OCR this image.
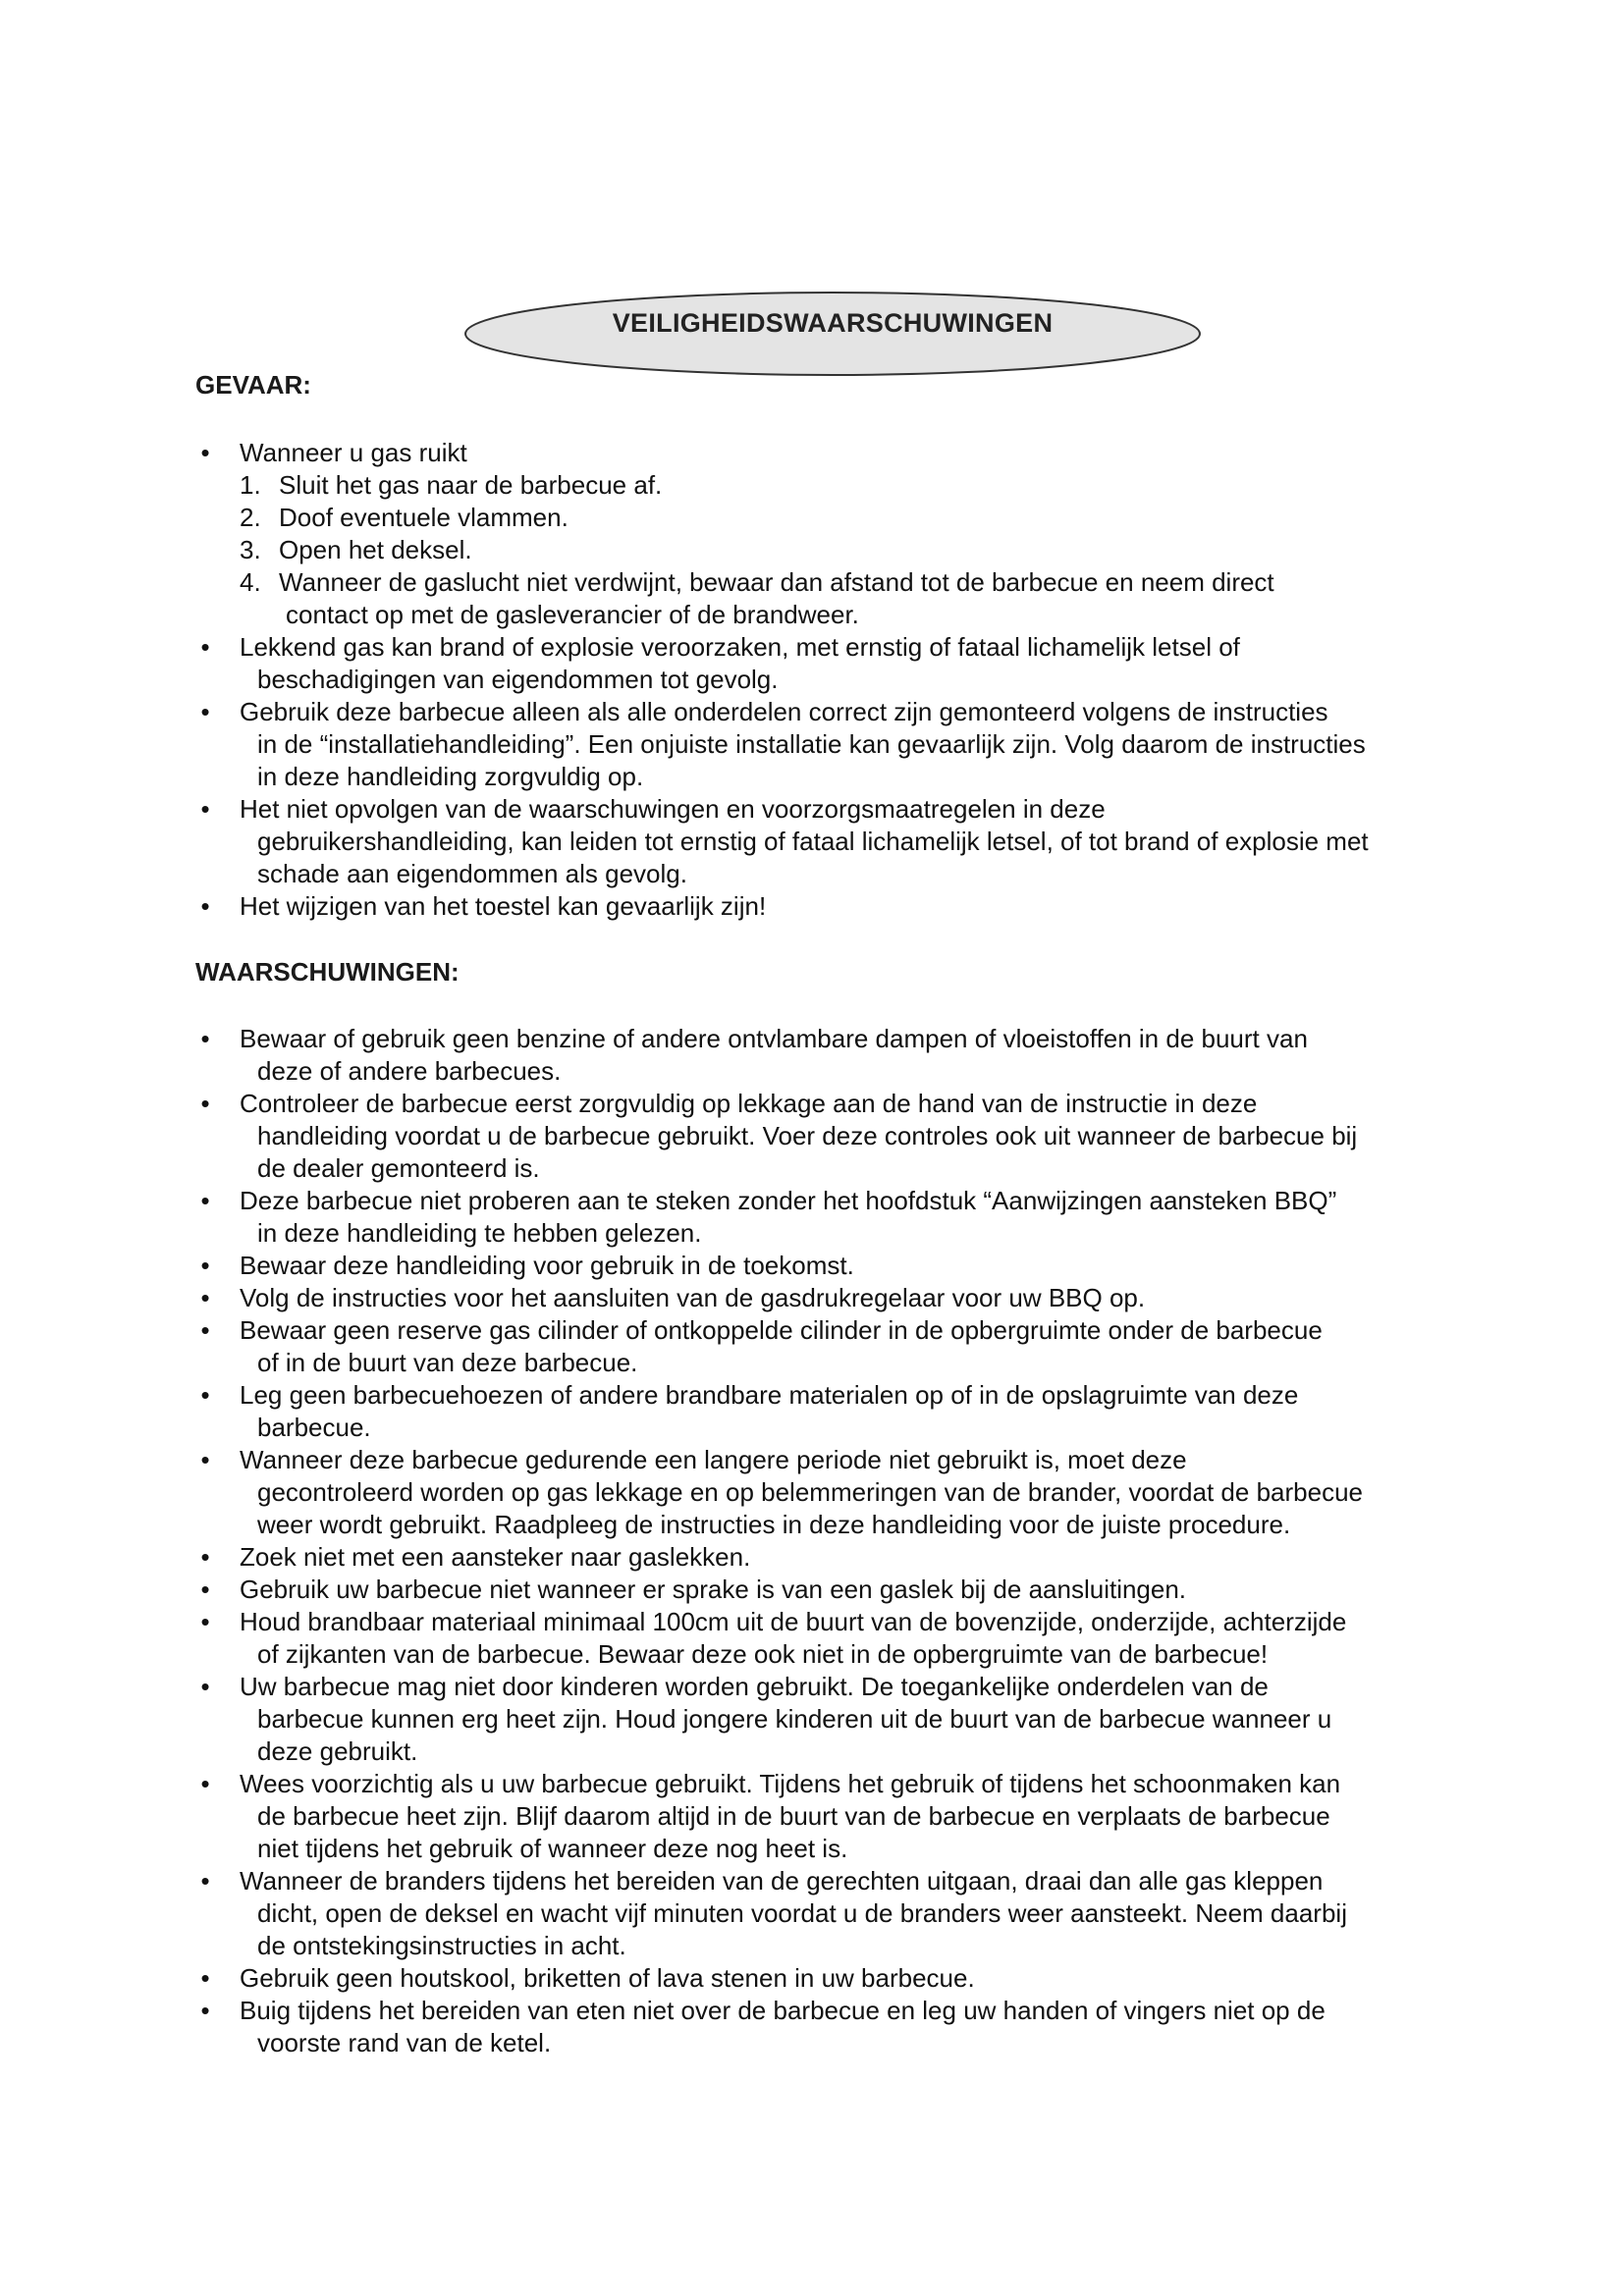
VEILIGHEIDSWAARSCHUWINGEN
GEVAAR:
• Wanneer u gas ruikt
1. Sluit het gas naar de barbecue af.
2. Doof eventuele vlammen.
3. Open het deksel.
4. Wanneer de gaslucht niet verdwijnt, bewaar dan afstand tot de barbecue en neem direct
contact op met de gasleverancier of de brandweer.
• Lekkend gas kan brand of explosie veroorzaken, met ernstig of fataal lichamelijk letsel of
beschadigingen van eigendommen tot gevolg.
• Gebruik deze barbecue alleen als alle onderdelen correct zijn gemonteerd volgens de instructies
in de “installatiehandleiding”. Een onjuiste installatie kan gevaarlijk zijn. Volg daarom de instructies
in deze handleiding zorgvuldig op.
• Het niet opvolgen van de waarschuwingen en voorzorgsmaatregelen in deze
gebruikershandleiding, kan leiden tot ernstig of fataal lichamelijk letsel, of tot brand of explosie met
schade aan eigendommen als gevolg.
• Het wijzigen van het toestel kan gevaarlijk zijn!
WAARSCHUWINGEN:
• Bewaar of gebruik geen benzine of andere ontvlambare dampen of vloeistoffen in de buurt van
deze of andere barbecues.
• Controleer de barbecue eerst zorgvuldig op lekkage aan de hand van de instructie in deze
handleiding voordat u de barbecue gebruikt. Voer deze controles ook uit wanneer de barbecue bij
de dealer gemonteerd is.
• Deze barbecue niet proberen aan te steken zonder het hoofdstuk “Aanwijzingen aansteken BBQ”
in deze handleiding te hebben gelezen.
• Bewaar deze handleiding voor gebruik in de toekomst.
• Volg de instructies voor het aansluiten van de gasdrukregelaar voor uw BBQ op.
• Bewaar geen reserve gas cilinder of ontkoppelde cilinder in de opbergruimte onder de barbecue
of in de buurt van deze barbecue.
• Leg geen barbecuehoezen of andere brandbare materialen op of in de opslagruimte van deze
barbecue.
• Wanneer deze barbecue gedurende een langere periode niet gebruikt is, moet deze
gecontroleerd worden op gas lekkage en op belemmeringen van de brander, voordat de barbecue
weer wordt gebruikt. Raadpleeg de instructies in deze handleiding voor de juiste procedure.
• Zoek niet met een aansteker naar gaslekken.
• Gebruik uw barbecue niet wanneer er sprake is van een gaslek bij de aansluitingen.
• Houd brandbaar materiaal minimaal 100cm uit de buurt van de bovenzijde, onderzijde, achterzijde
of zijkanten van de barbecue. Bewaar deze ook niet in de opbergruimte van de barbecue!
• Uw barbecue mag niet door kinderen worden gebruikt. De toegankelijke onderdelen van de
barbecue kunnen erg heet zijn. Houd jongere kinderen uit de buurt van de barbecue wanneer u
deze gebruikt.
• Wees voorzichtig als u uw barbecue gebruikt. Tijdens het gebruik of tijdens het schoonmaken kan
de barbecue heet zijn. Blijf daarom altijd in de buurt van de barbecue en verplaats de barbecue
niet tijdens het gebruik of wanneer deze nog heet is.
• Wanneer de branders tijdens het bereiden van de gerechten uitgaan, draai dan alle gas kleppen
dicht, open de deksel en wacht vijf minuten voordat u de branders weer aansteekt. Neem daarbij
de ontstekingsinstructies in acht.
• Gebruik geen houtskool, briketten of lava stenen in uw barbecue.
• Buig tijdens het bereiden van eten niet over de barbecue en leg uw handen of vingers niet op de
voorste rand van de ketel.
